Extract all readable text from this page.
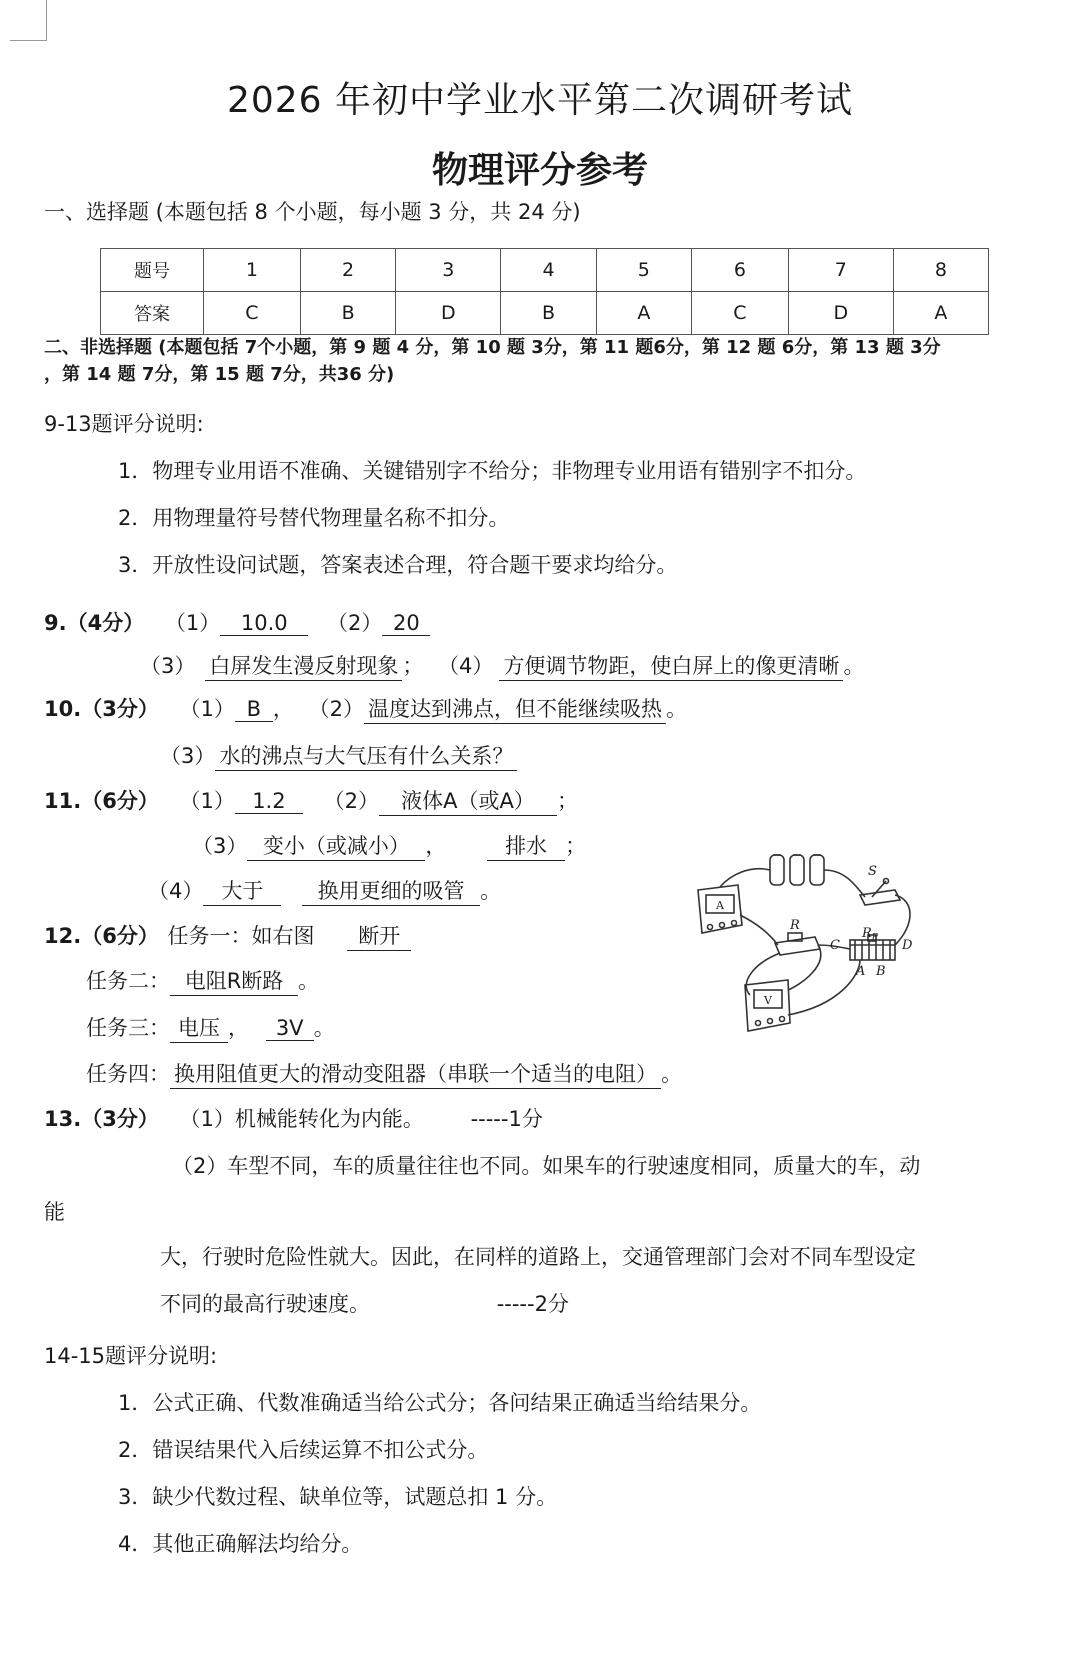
2026 年初中学业水平第二次调研考试
物理评分参考
一、选择题 (本题包括 8 个小题，每小题 3 分，共 24 分)
题号	1	2	3	4	5	6	7	8
答案	C	B	D	B	A	C	D	A
二、非选择题 (本题包括 7个小题，第 9 题 4 分，第 10 题 3分，第 11 题6分，第 12 题 6分，第 13 题 3分
，第 14 题 7分，第 15 题 7分，共36 分)
9-13题评分说明:
1．物理专业用语不准确、关键错别字不给分；非物理专业用语有错别字不扣分。
2．用物理量符号替代物理量名称不扣分。
3．开放性设问试题，答案表述合理，符合题干要求均给分。
9.（4分） （1） 10.0 （2） 20
（3） 白屏发生漫反射现象 ； （4） 方便调节物距，使白屏上的像更清晰 。
10.（3分） （1） B ， （2） 温度达到沸点，但不能继续吸热 。
（3） 水的沸点与大气压有什么关系？
11.（6分） （1） 1.2 （2） 液体A（或A） ；
（3） 变小（或减小） ，	排水 ；
（4） 大于	换用更细的吸管 。
12.（6分） 任务一：如右图 断开
任务二： 电阻R断路 。
任务三： 电压 ， 3V 。
任务四： 换用阻值更大的滑动变阻器（串联一个适当的电阻） 。
S
R
$R_P$
C	D
A B
A
V
13.（3分） （1）机械能转化为内能。 -----1分
（2）车型不同，车的质量往往也不同。如果车的行驶速度相同，质量大的车，动
能
大，行驶时危险性就大。因此，在同样的道路上，交通管理部门会对不同车型设定
不同的最高行驶速度。	-----2分
14-15题评分说明:
1．公式正确、代数准确适当给公式分；各问结果正确适当给结果分。
2．错误结果代入后续运算不扣公式分。
3．缺少代数过程、缺单位等，试题总扣 1 分。
4．其他正确解法均给分。
